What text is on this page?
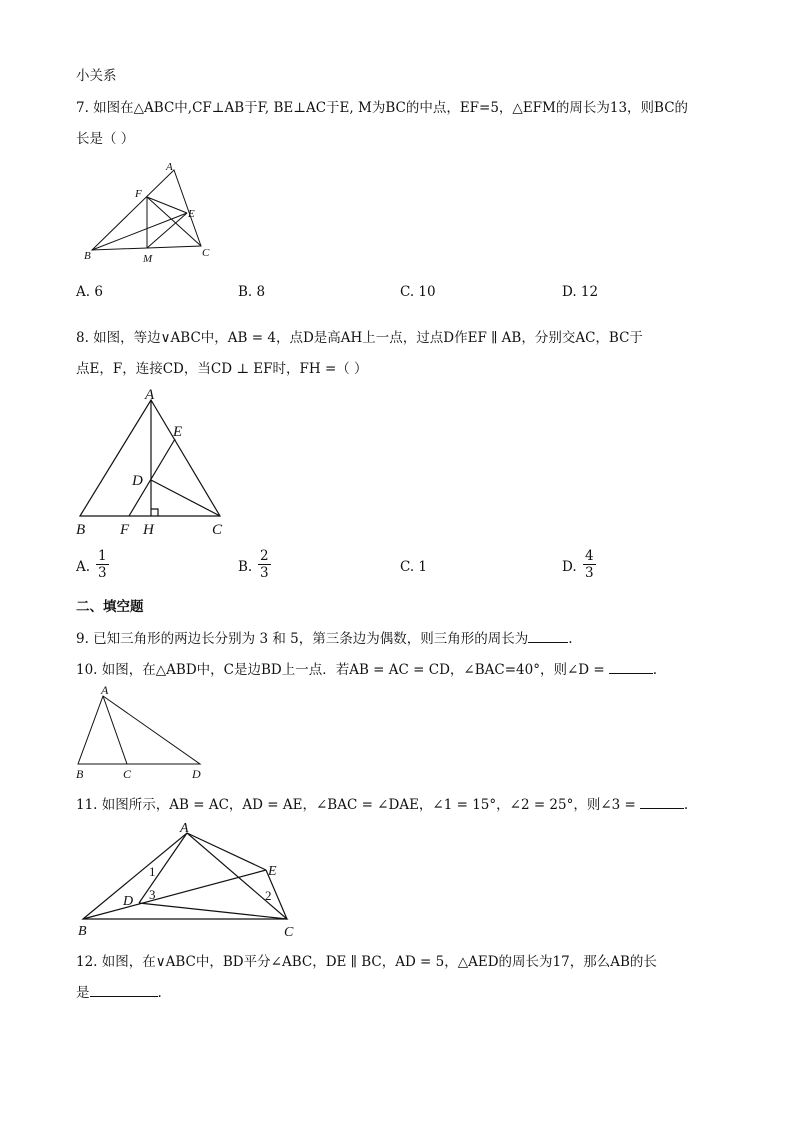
小关系
7. 如图在△ABC中,CF⊥AB于F, BE⊥AC于E, M为BC的中点，EF=5，△EFM的周长为13，则BC的
长是（ ）
A
B	C
E
F
M
A. 6	B. 8	C. 10	D. 12
8. 如图，等边∨ABC中，AB = 4，点D是高AH上一点，过点D作EF ∥ AB，分别交AC，BC于
点E，F，连接CD，当CD ⊥ EF时，FH =（ ）
A
B	C
D
E
F H
A. $\frac{1}{3}$	B. $\frac{2}{3}$	C. 1	D. $\frac{4}{3}$
二、填空题
9. 已知三角形的两边长分别为 3 和 5，第三条边为偶数，则三角形的周长为	.
10. 如图，在△ABD中，C是边BD上一点．若AB = AC = CD，∠BAC=40°，则∠D =	.
A
B	C	D
11. 如图所示，AB = AC，AD = AE，∠BAC = ∠DAE，∠1 = 15°，∠2 = 25°，则∠3 =	.
A
B	C
D
E
1
2
3
12. 如图，在∨ABC中，BD平分∠ABC，DE ∥ BC，AD = 5，△AED的周长为17，那么AB的长
是	.
